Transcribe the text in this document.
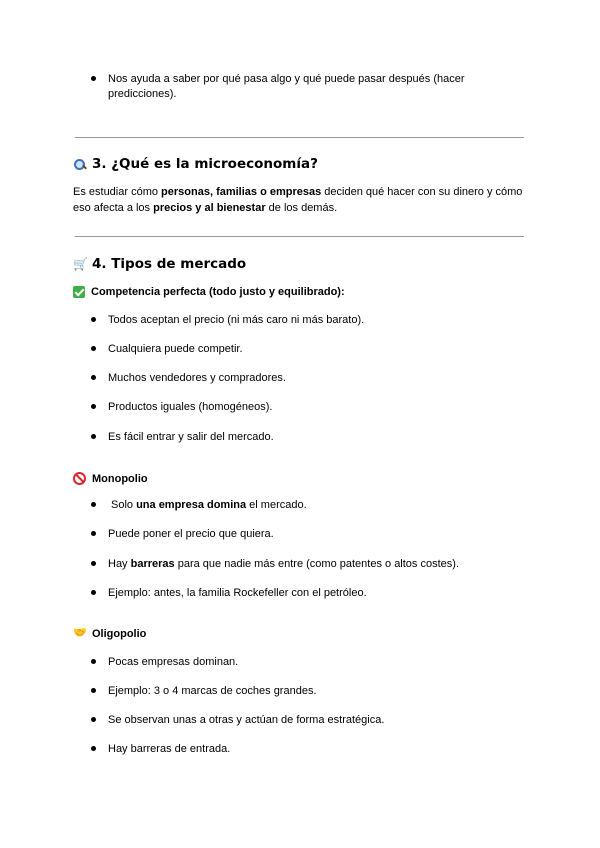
Nos ayuda a saber por qué pasa algo y qué puede pasar después (hacer
predicciones).
3. ¿Qué es la microeconomía?
Es estudiar cómo personas, familias o empresas deciden qué hacer con su dinero y cómo
eso afecta a los precios y al bienestar de los demás.
🛒 4. Tipos de mercado
Competencia perfecta (todo justo y equilibrado):
Todos aceptan el precio (ni más caro ni más barato).
Cualquiera puede competir.
Muchos vendedores y compradores.
Productos iguales (homogéneos).
Es fácil entrar y salir del mercado.
Monopolio
Solo una empresa domina el mercado.
Puede poner el precio que quiera.
Hay barreras para que nadie más entre (como patentes o altos costes).
Ejemplo: antes, la familia Rockefeller con el petróleo.
🤝 Oligopolio
Pocas empresas dominan.
Ejemplo: 3 o 4 marcas de coches grandes.
Se observan unas a otras y actúan de forma estratégica.
Hay barreras de entrada.
